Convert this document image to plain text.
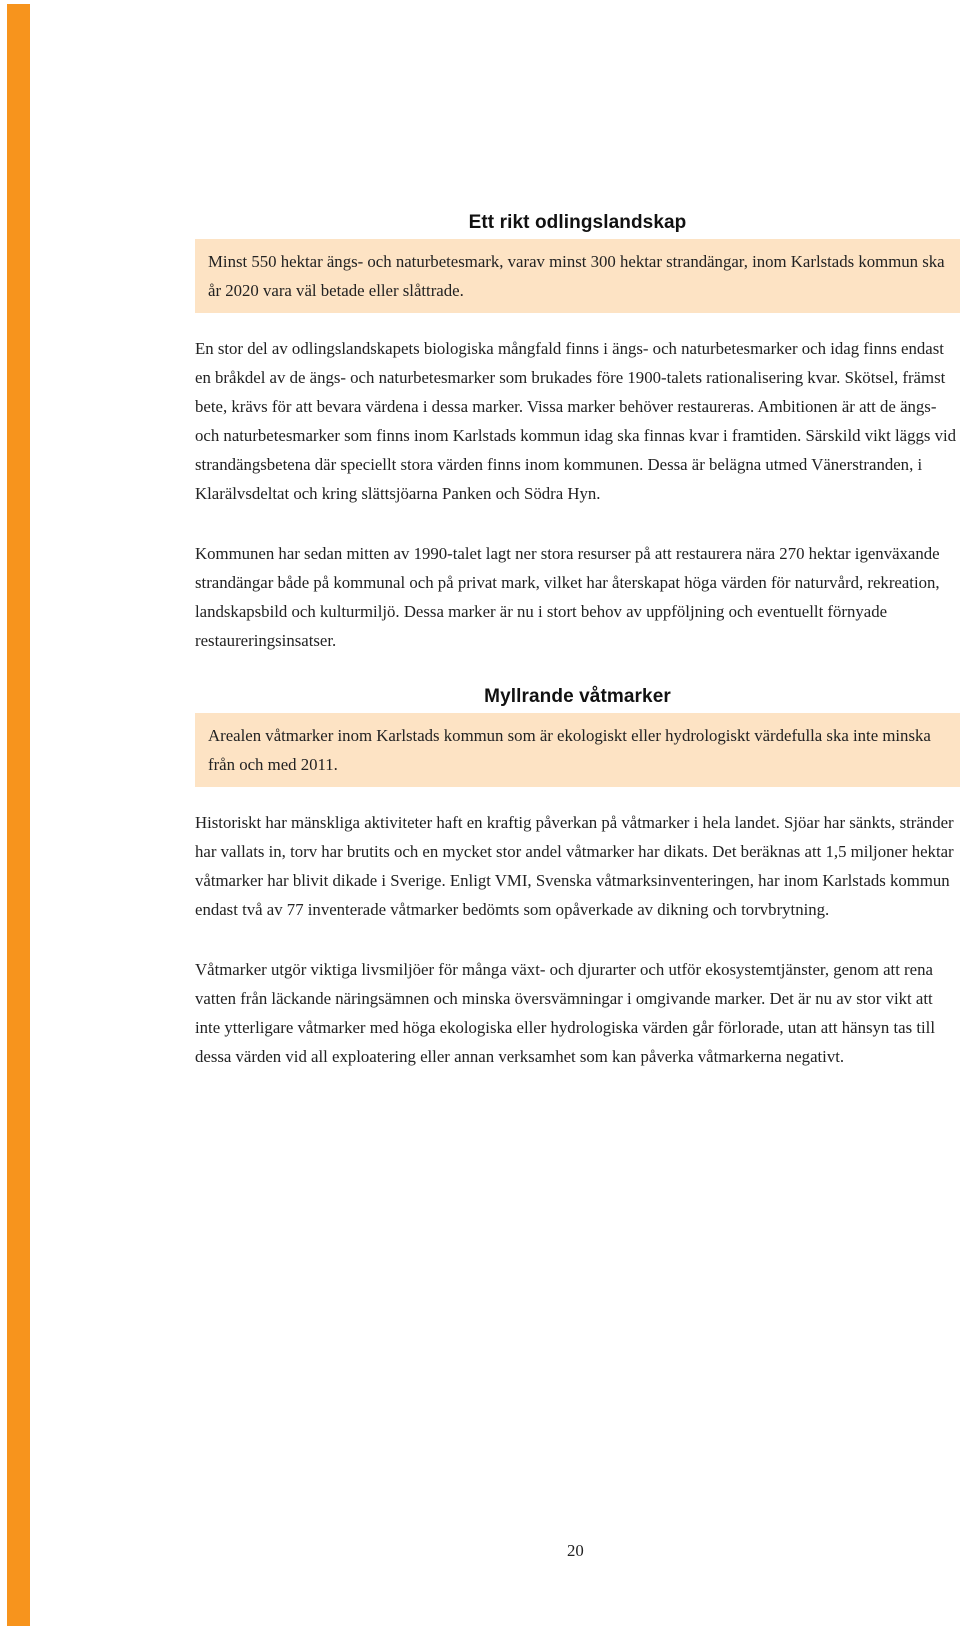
Ett rikt odlingslandskap

Minst 550 hektar ängs- och naturbetesmark, varav minst 300 hektar strandängar, inom Karlstads kommun ska år 2020 vara väl betade eller slåttrade.

En stor del av odlingslandskapets biologiska mångfald finns i ängs- och naturbetesmarker och idag finns endast en bråkdel av de ängs- och naturbetesmarker som brukades före 1900-talets rationalisering kvar. Skötsel, främst bete, krävs för att bevara värdena i dessa marker. Vissa marker behöver restaureras. Ambitionen är att de ängs- och naturbetesmarker som finns inom Karlstads kommun idag ska finnas kvar i framtiden. Särskild vikt läggs vid strandängsbetena där speciellt stora värden finns inom kommunen. Dessa är belägna utmed Vänerstranden, i Klarälvsdeltat och kring slättsjöarna Panken och Södra Hyn.

Kommunen har sedan mitten av 1990-talet lagt ner stora resurser på att restaurera nära 270 hektar igenväxande strandängar både på kommunal och på privat mark, vilket har återskapat höga värden för naturvård, rekreation, landskapsbild och kulturmiljö. Dessa marker är nu i stort behov av uppföljning och eventuellt förnyade restaureringsinsatser.

Myllrande våtmarker

Arealen våtmarker inom Karlstads kommun som är ekologiskt eller hydrologiskt värdefulla ska inte minska från och med 2011.

Historiskt har mänskliga aktiviteter haft en kraftig påverkan på våtmarker i hela landet. Sjöar har sänkts, stränder har vallats in, torv har brutits och en mycket stor andel våtmarker har dikats. Det beräknas att 1,5 miljoner hektar våtmarker har blivit dikade i Sverige. Enligt VMI, Svenska våtmarksinventeringen, har inom Karlstads kommun endast två av 77 inventerade våtmarker bedömts som opåverkade av dikning och torvbrytning.

Våtmarker utgör viktiga livsmiljöer för många växt- och djurarter och utför ekosystemtjänster, genom att rena vatten från läckande näringsämnen och minska översvämningar i omgivande marker. Det är nu av stor vikt att inte ytterligare våtmarker med höga ekologiska eller hydrologiska värden går förlorade, utan att hänsyn tas till dessa värden vid all exploatering eller annan verksamhet som kan påverka våtmarkerna negativt.

20
